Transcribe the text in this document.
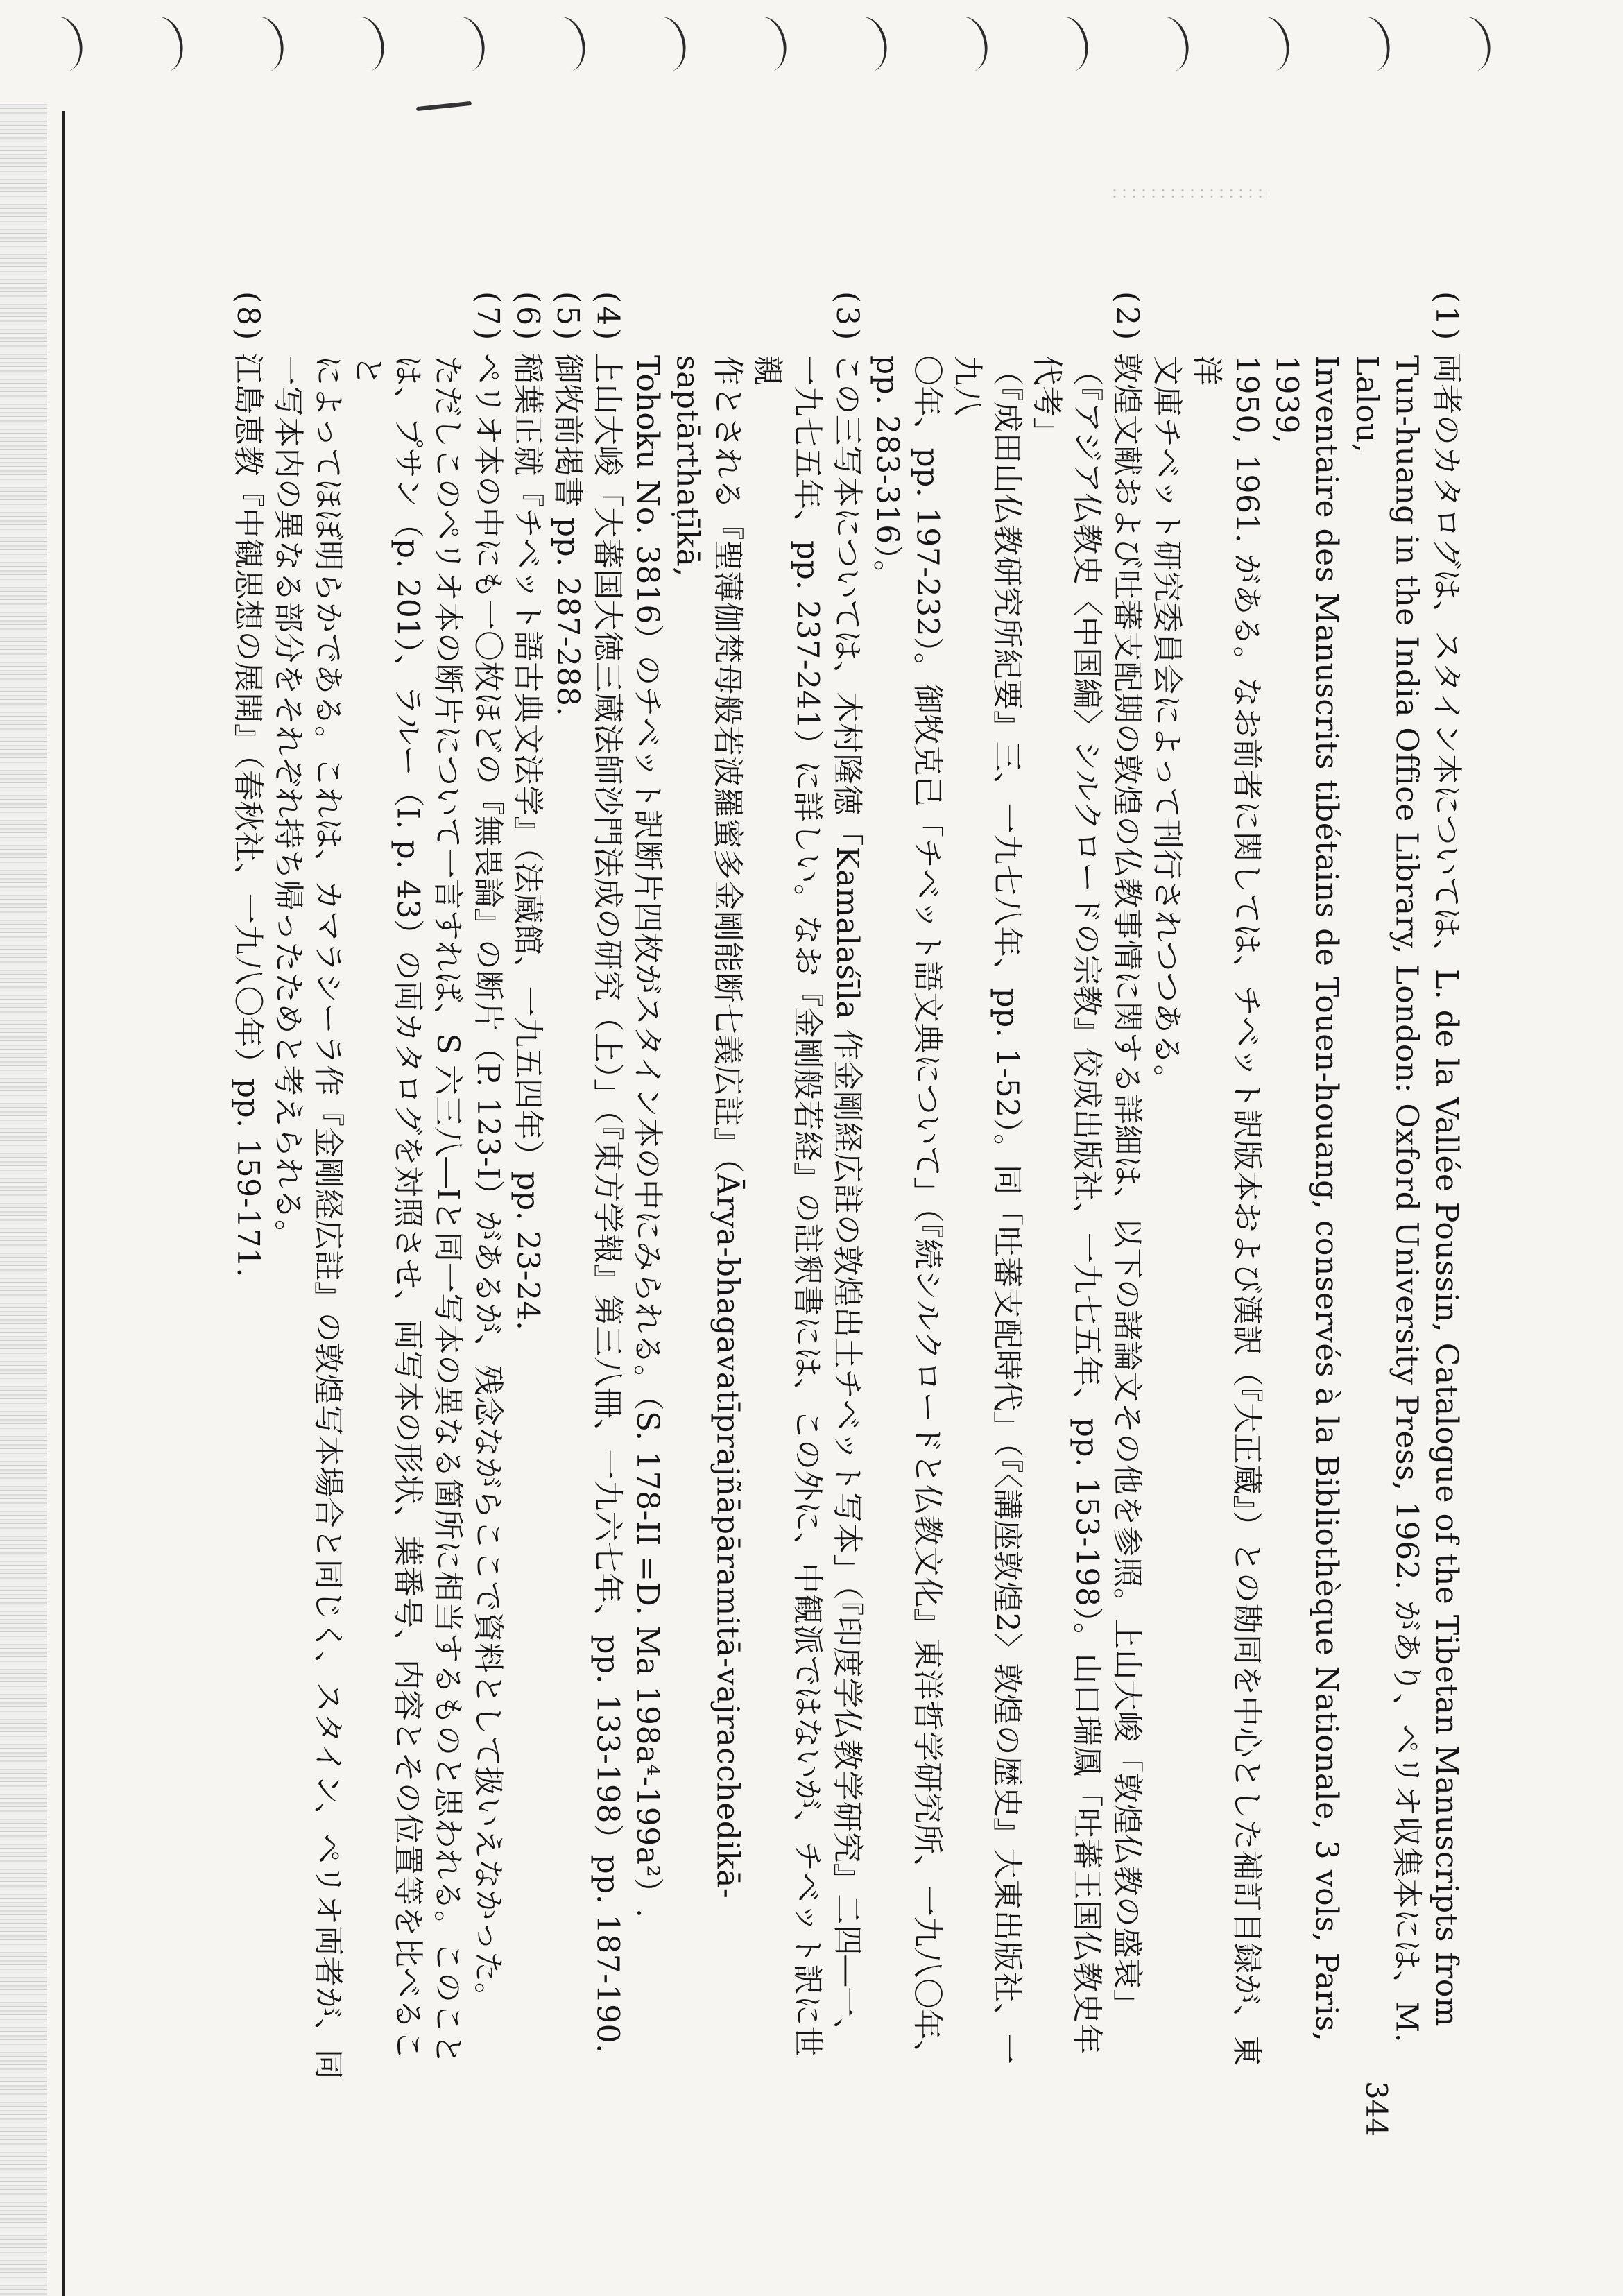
(1) 両者のカタログは、スタイン本については、L. de la Vallée Poussin, Catalogue of the Tibetan Manuscripts from
Tun-huang in the India Office Library, London: Oxford University Press, 1962. があり、ペリオ収集本には、M. Lalou,
Inventaire des Manuscrits tibétains de Touen-houang, conservés à la Bibliothèque Nationale, 3 vols, Paris, 1939,
1950, 1961. がある。なお前者に関しては、チベット訳版本および漢訳（『大正蔵』）との勘同を中心とした補訂目録が、東洋
文庫チベット研究委員会によって刊行されつつある。
(2) 敦煌文献および吐蕃支配期の敦煌の仏教事情に関する詳細は、以下の諸論文その他を参照。上山大峻「敦煌仏教の盛衰」
（『アジア仏教史〈中国編〉シルクロードの宗教』佼成出版社、一九七五年、pp. 153-198）。山口瑞鳳「吐蕃王国仏教史年代考」
（『成田山仏教研究所紀要』三、一九七八年、pp. 1-52）。同「吐蕃支配時代」（『〈講座敦煌2〉敦煌の歴史』大東出版社、一九八
〇年、pp. 197-232）。御牧克己「チベット語文典について」（『続シルクロードと仏教文化』東洋哲学研究所、一九八〇年、
pp. 283-316）。
(3) この三写本については、木村隆徳「Kamalaśīla 作金剛経広註の敦煌出土チベット写本」（『印度学仏教学研究』二四―一、
一九七五年、pp. 237-241）に詳しい。なお『金剛般若経』の註釈書には、この外に、中観派ではないが、チベット訳に世親
作とされる『聖薄伽梵母般若波羅蜜多金剛能断七義広註』（Ārya-bhagavatīprajñāpāramitā-vajracchedikā-saptārthaṭīkā,
Tohoku No. 3816）のチベット訳断片四枚がスタイン本の中にみられる。（S. 178-II =D. Ma 198a⁴-199a²）.
(4) 上山大峻「大蕃国大徳三蔵法師沙門法成の研究（上）」（『東方学報』第三八冊、一九六七年、pp. 133-198）pp. 187-190.
(5) 御牧前掲書 pp. 287-288.
(6) 稲葉正就『チベット語古典文法学』（法蔵館、一九五四年）pp. 23-24.
(7) ペリオ本の中にも一〇枚ほどの『無畏論』の断片（P. 123-I）があるが、残念ながらここで資料として扱いえなかった。
ただしこのペリオ本の断片について一言すれば、S 六三八―Iと同一写本の異なる箇所に相当するものと思われる。このこと
は、プサン（p. 201）、ラルー（I. p. 43）の両カタログを対照させ、両写本の形状、葉番号、内容とその位置等を比べること
によってほぼ明らかである。これは、カマラシーラ作『金剛経広註』の敦煌写本場合と同じく、スタイン、ペリオ両者が、同
一写本内の異なる部分をそれぞれ持ち帰ったためと考えられる。
(8) 江島恵教『中観思想の展開』（春秋社、一九八〇年）pp. 159-171.
344
